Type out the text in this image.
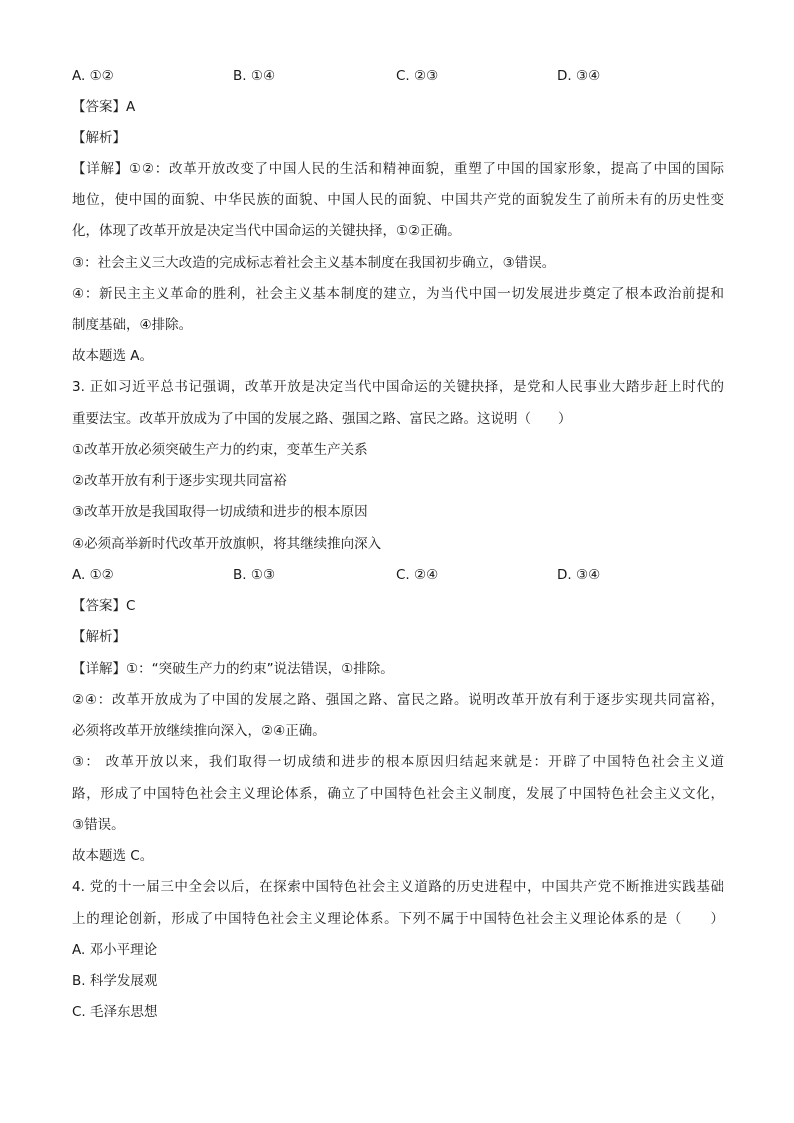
A. ①②	B. ①④	C. ②③	D. ③④
【答案】A
【解析】
【详解】①②：改革开放改变了中国人民的生活和精神面貌，重塑了中国的国家形象，提高了中国的国际
地位，使中国的面貌、中华民族的面貌、中国人民的面貌、中国共产党的面貌发生了前所未有的历史性变
化，体现了改革开放是决定当代中国命运的关键抉择，①②正确。
③：社会主义三大改造的完成标志着社会主义基本制度在我国初步确立，③错误。
④：新民主主义革命的胜利，社会主义基本制度的建立，为当代中国一切发展进步奠定了根本政治前提和
制度基础，④排除。
故本题选 A。
3. 正如习近平总书记强调，改革开放是决定当代中国命运的关键抉择，是党和人民事业大踏步赶上时代的
重要法宝。改革开放成为了中国的发展之路、强国之路、富民之路。这说明（　　）
①改革开放必须突破生产力的约束，变革生产关系
②改革开放有利于逐步实现共同富裕
③改革开放是我国取得一切成绩和进步的根本原因
④必须高举新时代改革开放旗帜，将其继续推向深入
A. ①②	B. ①③	C. ②④	D. ③④
【答案】C
【解析】
【详解】①：“突破生产力的约束”说法错误，①排除。
②④：改革开放成为了中国的发展之路、强国之路、富民之路。说明改革开放有利于逐步实现共同富裕，
必须将改革开放继续推向深入，②④正确。
③： 改革开放以来，我们取得一切成绩和进步的根本原因归结起来就是：开辟了中国特色社会主义道
路，形成了中国特色社会主义理论体系，确立了中国特色社会主义制度，发展了中国特色社会主义文化，
③错误。
故本题选 C。
4. 党的十一届三中全会以后，在探索中国特色社会主义道路的历史进程中，中国共产党不断推进实践基础
上的理论创新，形成了中国特色社会主义理论体系。下列不属于中国特色社会主义理论体系的是（　　）
A. 邓小平理论
B. 科学发展观
C. 毛泽东思想
